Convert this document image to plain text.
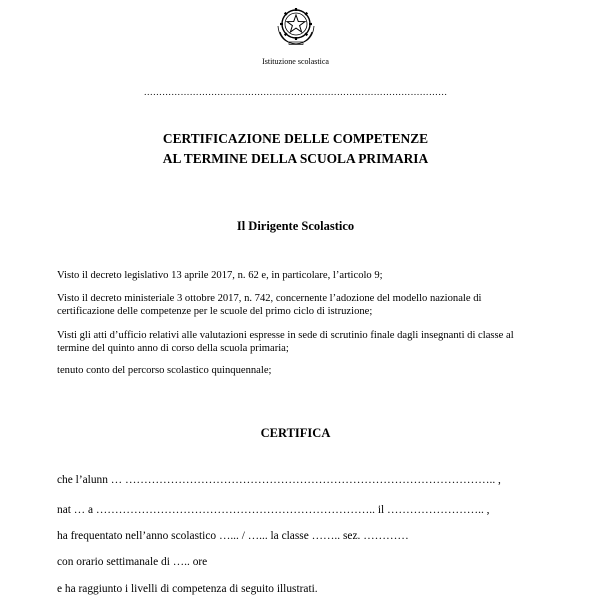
Istituzione scolastica
………………………………………………………………………………………
CERTIFICAZIONE DELLE COMPETENZE
AL TERMINE DELLA SCUOLA PRIMARIA
Il Dirigente Scolastico
Visto il decreto legislativo 13 aprile 2017, n. 62 e, in particolare, l’articolo 9;
Visto il decreto ministeriale 3 ottobre 2017, n. 742, concernente l’adozione del modello nazionale di
certificazione delle competenze per le scuole del primo ciclo di istruzione;
Visti gli atti d’ufficio relativi alle valutazioni espresse in sede di scrutinio finale dagli insegnanti di classe al
termine del quinto anno di corso della scuola primaria;
tenuto conto del percorso scolastico quinquennale;
CERTIFICA
che l’alunn … …………………………………………………………………………………….. ,
nat … a ……………………………………………………………….. il …………………….. ,
ha frequentato nell’anno scolastico …... / …... la classe …….. sez. …………
con orario settimanale di ….. ore
e ha raggiunto i livelli di competenza di seguito illustrati.
